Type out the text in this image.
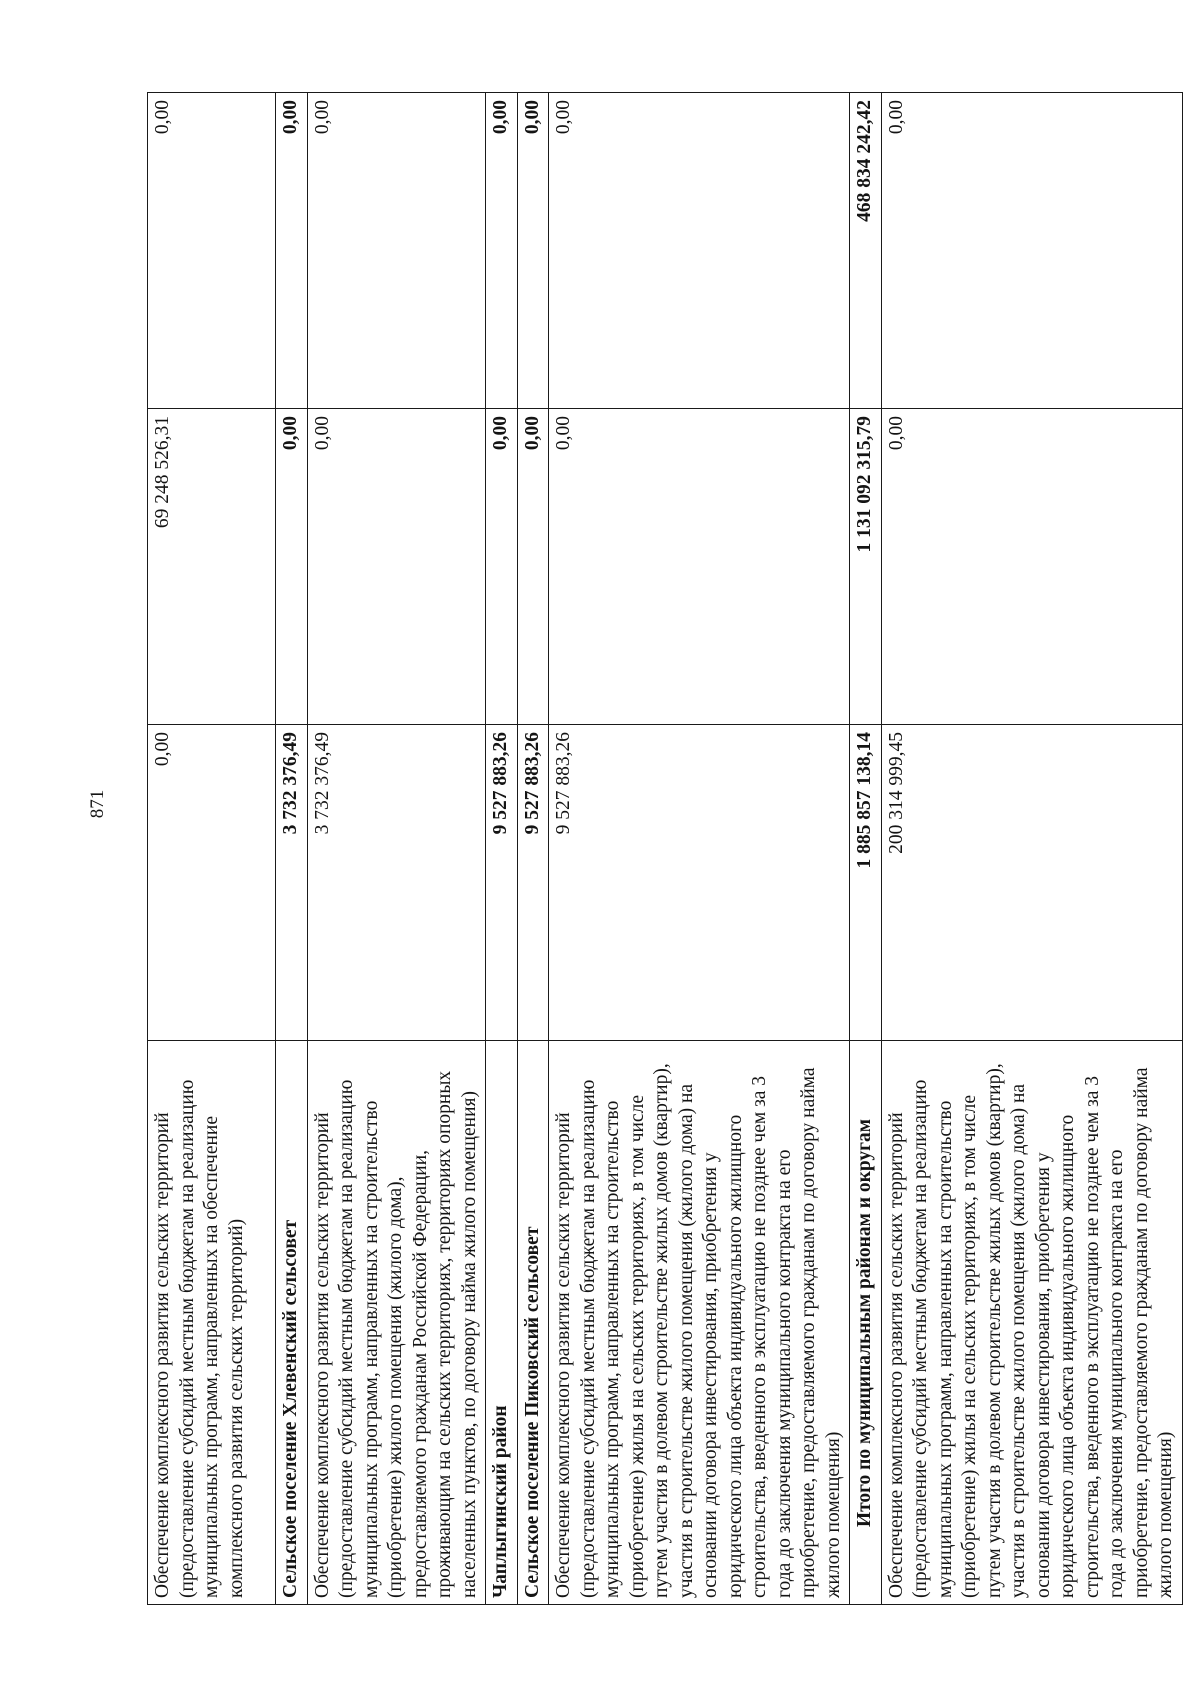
871
Обеспечение комплексного развития сельских территорий (предоставление субсидий местным бюджетам на реализацию муниципальных программ, направленных на обеспечение комплексного развития сельских территорий)	0,00	69 248 526,31	0,00
Сельское поселение Хлевенский сельсовет	3 732 376,49	0,00	0,00
Обеспечение комплексного развития сельских территорий (предоставление субсидий местным бюджетам на реализацию муниципальных программ, направленных на строительство (приобретение) жилого помещения (жилого дома), предоставляемого гражданам Российской Федерации, проживающим на сельских территориях, территориях опорных населенных пунктов, по договору найма жилого помещения)	3 732 376,49	0,00	0,00
Чаплыгинский район	9 527 883,26	0,00	0,00
Сельское поселение Пиковский сельсовет	9 527 883,26	0,00	0,00
Обеспечение комплексного развития сельских территорий (предоставление субсидий местным бюджетам на реализацию муниципальных программ, направленных на строительство (приобретение) жилья на сельских территориях, в том числе путем участия в долевом строительстве жилых домов (квартир), участия в строительстве жилого помещения (жилого дома) на основании договора инвестирования, приобретения у юридического лица объекта индивидуального жилищного строительства, введенного в эксплуатацию не позднее чем за 3 года до заключения муниципального контракта на его приобретение, предоставляемого гражданам по договору найма жилого помещения)	9 527 883,26	0,00	0,00
Итого по муниципальным районам и округам	1 885 857 138,14	1 131 092 315,79	468 834 242,42
Обеспечение комплексного развития сельских территорий (предоставление субсидий местным бюджетам на реализацию муниципальных программ, направленных на строительство (приобретение) жилья на сельских территориях, в том числе путем участия в долевом строительстве жилых домов (квартир), участия в строительстве жилого помещения (жилого дома) на основании договора инвестирования, приобретения у юридического лица объекта индивидуального жилищного строительства, введенного в эксплуатацию не позднее чем за 3 года до заключения муниципального контракта на его приобретение, предоставляемого гражданам по договору найма жилого помещения)	200 314 999,45	0,00	0,00
